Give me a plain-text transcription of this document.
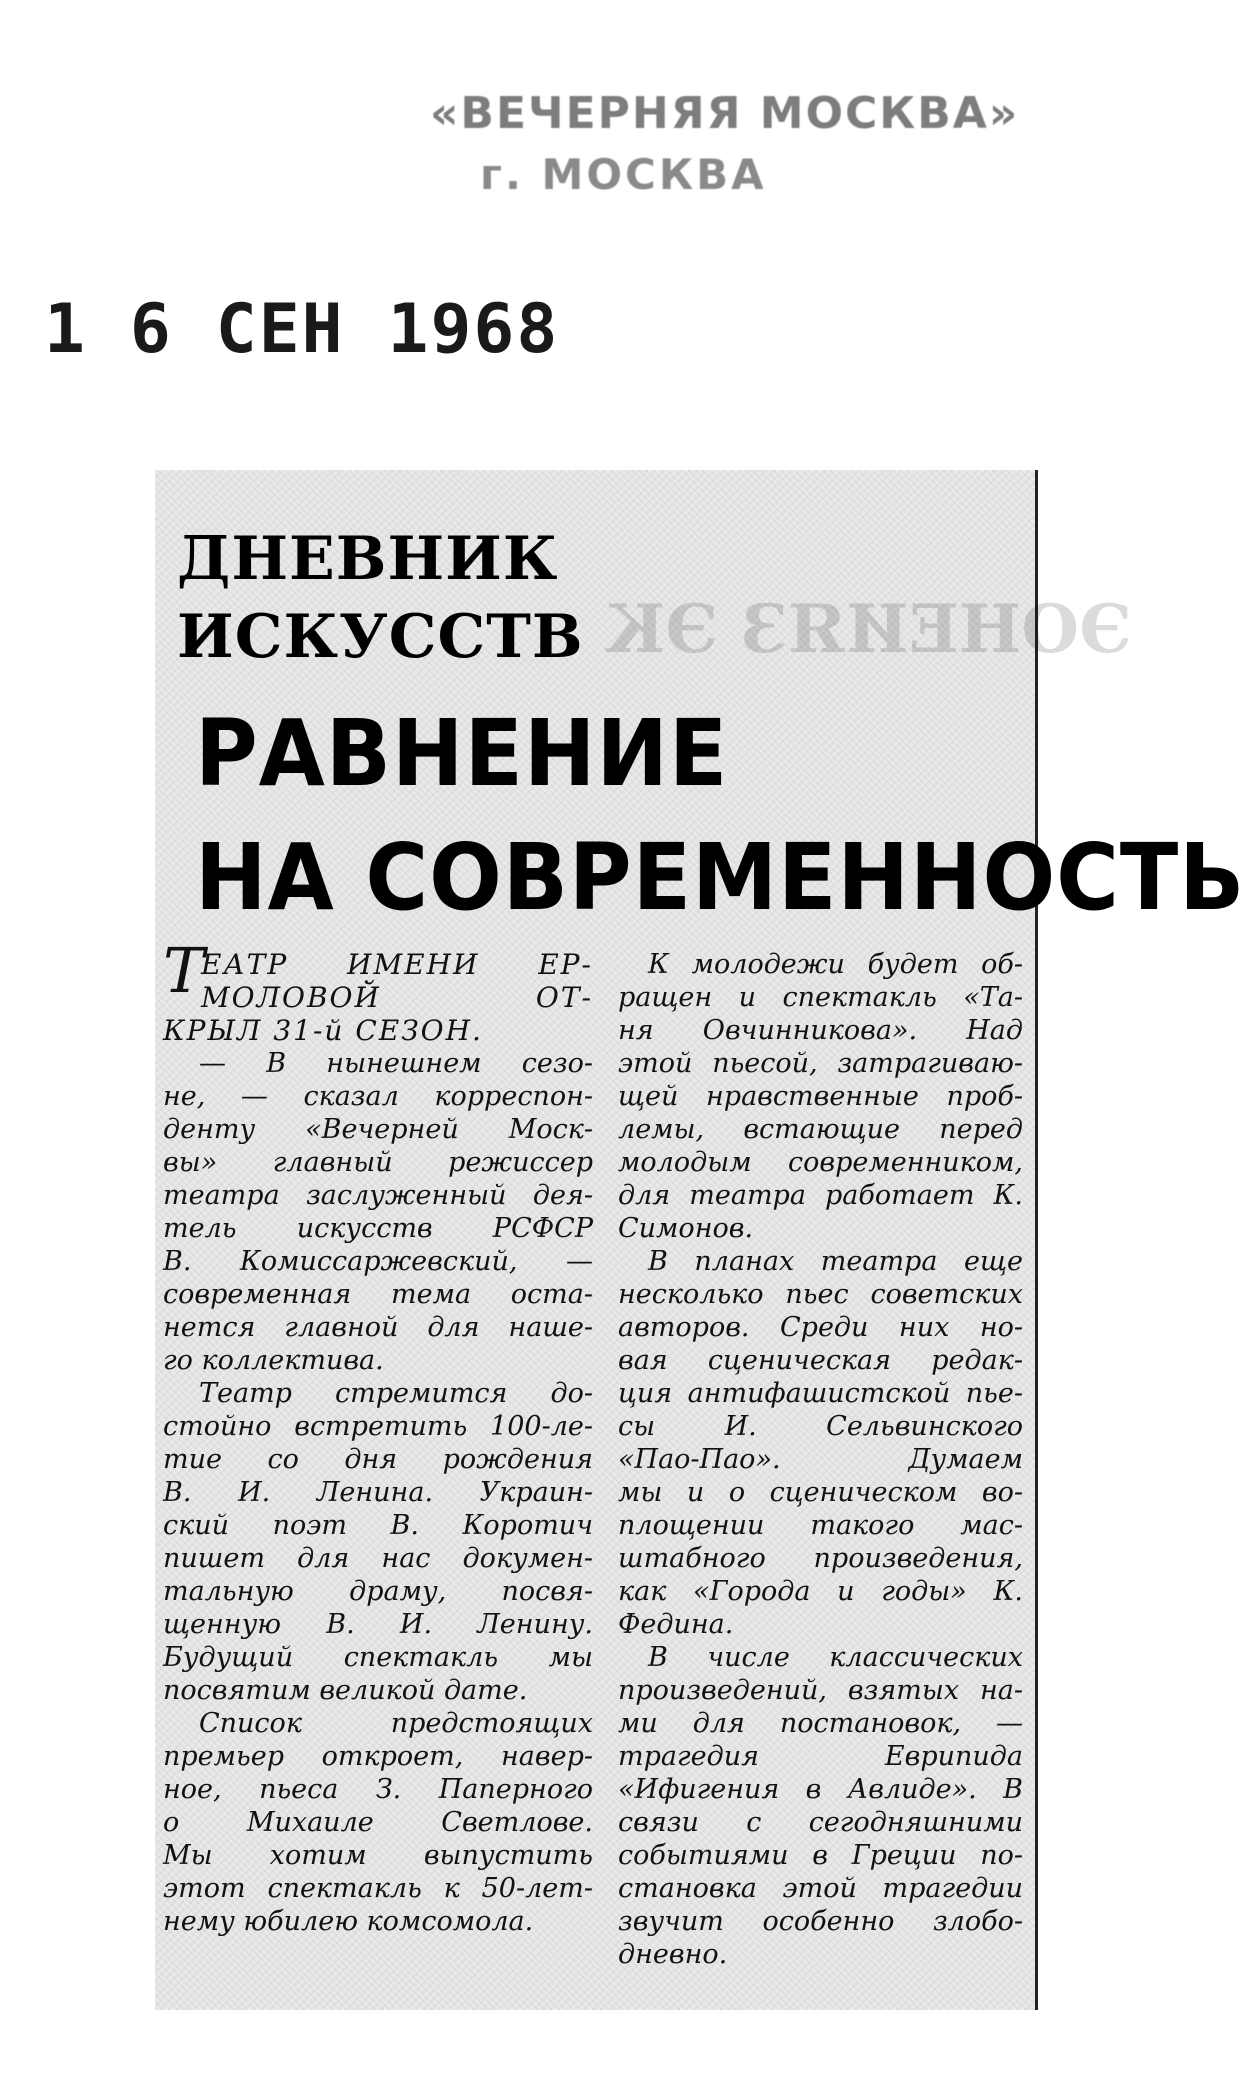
«ВЕЧЕРНЯЯ МОСКВА»
г. МОСКВА
1 6 СЕН 1968
ЭОНЕИЯЗ ЭК
ДНЕВНИК
ИСКУССТВ
РАВНЕНИЕ
НА СОВРЕМЕННОСТЬ
Т
ЕАТР ИМЕНИ ЕР-
МОЛОВОЙ ОТ-
КРЫЛ 31-й СЕЗОН.
— В нынешнем сезо-
не, — сказал корреспон-
денту «Вечерней Моск-
вы» главный режиссер
театра заслуженный дея-
тель искусств РСФСР
В. Комиссаржевский, —
современная тема оста-
нется главной для наше-
го коллектива.
Театр стремится до-
стойно встретить 100-ле-
тие со дня рождения
В. И. Ленина. Украин-
ский поэт В. Коротич
пишет для нас докумен-
тальную драму, посвя-
щенную В. И. Ленину.
Будущий спектакль мы
посвятим великой дате.
Список предстоящих
премьер откроет, навер-
ное, пьеса З. Паперного
о Михаиле Светлове.
Мы хотим выпустить
этот спектакль к 50-лет-
нему юбилею комсомола.
К молодежи будет об-
ращен и спектакль «Та-
ня Овчинникова». Над
этой пьесой, затрагиваю-
щей нравственные проб-
лемы, встающие перед
молодым современником,
для театра работает К.
Симонов.
В планах театра еще
несколько пьес советских
авторов. Среди них но-
вая сценическая редак-
ция антифашистской пье-
сы И. Сельвинского
«Пао-Пао». Думаем
мы и о сценическом во-
площении такого мас-
штабного произведения,
как «Города и годы» К.
Федина.
В числе классических
произведений, взятых на-
ми для постановок, —
трагедия Еврипида
«Ифигения в Авлиде». В
связи с сегодняшними
событиями в Греции по-
становка этой трагедии
звучит особенно злобо-
дневно.
